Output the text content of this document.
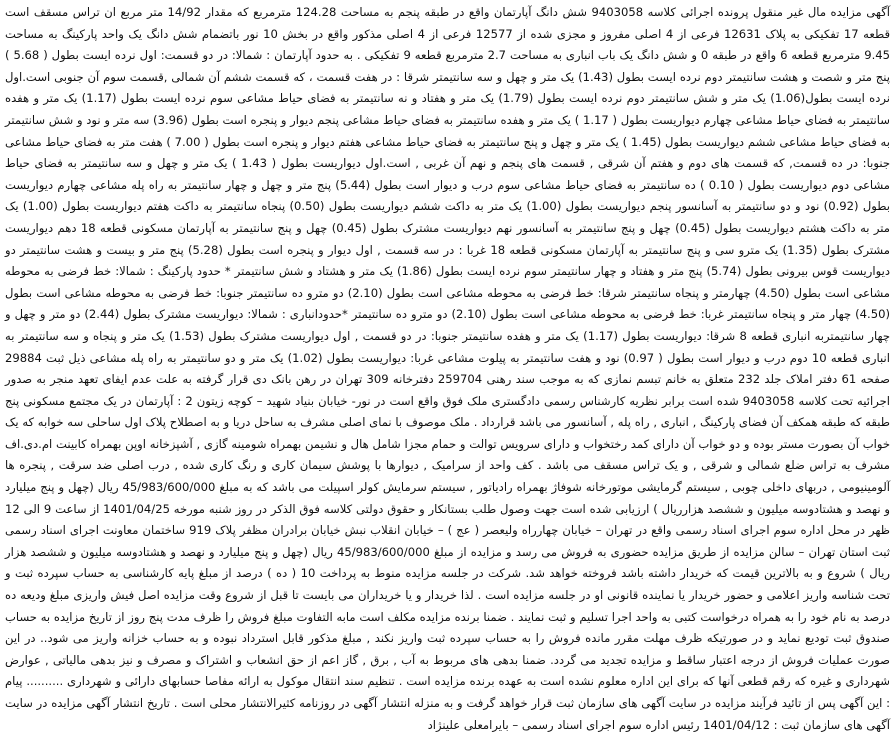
آگهی مزایده مال غیر منقول پرونده اجرائی کلاسه 9403058 شش دانگ آپارتمان واقع در طبقه پنجم به مساحت 124.28 مترمربع که مقدار 14/92 متر مربع ان تراس مسقف است قطعه 17 تفکیکی به پلاک 12631 فرعی از 4 اصلی مفروز و مجزی شده از 12577 فرعی از 4 اصلی مذکور واقع در بخش 10 نور باتضمام شش دانگ یک واحد پارکینگ به مساحت 9.45 مترمربع قطعه 6 واقع در طبقه 0 و شش دانگ یک باب انباری به مساحت 2.7 مترمربع قطعه 9 تفکیکی . به حدود آپارتمان : شمالا: در دو قسمت: اول نرده ایست بطول ( 5.68 ) پنج متر و شصت و هشت سانتیمتر دوم نرده ایست بطول (1.43) یک متر و چهل و سه سانتیمتر شرقا : در هفت قسمت ، که قسمت ششم آن شمالی ,قسمت سوم آن جنوبی است.اول نرده ایست بطول(1.06) یک متر و شش سانتیمتر دوم نرده ایست بطول (1.79) یک متر و هفتاد و نه سانتیمتر به فضای حیاط مشاعی سوم نرده ایست بطول (1.17) یک متر و هفده سانتیمتر به فضای حیاط مشاعی چهارم دیواریست بطول ( 1.17 ) یک متر و هفده سانتیمتر به فضای حیاط مشاعی پنجم دیوار و پنجره است بطول (3.96) سه متر و نود و شش سانتیمتر به فضای حیاط مشاعی ششم دیواریست بطول (1.45 ) یک متر و چهل و پنج سانتیمتر به فضای حیاط مشاعی هفتم دیوار و پنجره است بطول ( 7.00 ) هفت متر به فضای حیاط مشاعی جنوبا: در ده قسمت, که قسمت های دوم و هفتم آن شرقی , قسمت های پنجم و نهم آن غربی , است.اول دیواریست بطول ( 1.43 ) یک متر و چهل و سه سانتیمتر به فضای حیاط مشاعی دوم دیواریست بطول ( 0.10 ) ده سانتیمتر به فضای حیاط مشاعی سوم درب و دیوار است بطول (5.44) پنج متر و چهل و چهار سانتیمتر به راه پله مشاعی چهارم دیواریست بطول (0.92) نود و دو سانتیمتر به آسانسور پنجم دیواریست بطول (1.00) یک متر به داکت ششم دیواریست بطول (0.50) پنجاه سانتیمتر به داکت هفتم دیواریست بطول (1.00) یک متر به داکت هشتم دیواریست بطول (0.45) چهل و پنج سانتیمتر به آسانسور نهم دیواریست مشترک بطول (0.45) چهل و پنج سانتیمتر به آپارتمان مسکونی قطعه 18 دهم دیواریست مشترک بطول (1.35) یک مترو سی و پنج سانتیمتر به آپارتمان مسکونی قطعه 18 غربا : در سه قسمت , اول دیوار و پنجره است بطول (5.28) پنج متر و بیست و هشت سانتیمتر دو دیواریست قوس بیرونی بطول (5.74) پنج متر و هفتاد و چهار سانتیمتر سوم نرده ایست بطول (1.86) یک متر و هشتاد و شش سانتیمتر * حدود پارکینگ : شمالا: خط فرضی به محوطه مشاعی است بطول (4.50) چهارمتر و پنجاه سانتیمتر شرقا: خط فرضی به محوطه مشاعی است بطول (2.10) دو مترو ده سانتیمتر جنوبا: خط فرضی به محوطه مشاعی است بطول (4.50) چهار متر و پنجاه سانتیمتر غربا: خط فرضی به محوطه مشاعی است بطول (2.10) دو مترو ده سانتیمتر *حدودانباری : شمالا: دیواریست مشترک بطول (2.44) دو متر و چهل و چهار سانتیمتربه انباری قطعه 8 شرقا: دیواریست بطول (1.17) یک متر و هفده سانتیمتر جنوبا: در دو قسمت , اول دیواریست مشترک بطول (1.53) یک متر و پنجاه و سه سانتیمتر به انباری قطعه 10 دوم درب و دیوار است بطول ( 0.97) نود و هفت سانتیمتر به پیلوت مشاعی غربا: دیواریست بطول (1.02) یک متر و دو سانتیمتر به راه پله مشاعی ذیل ثبت 29884 صفحه 61 دفتر املاک جلد 232 متعلق به خانم تبسم نمازی که به موجب سند رهنی 259704 دفترخانه 309 تهران در رهن بانک دی قرار گرفته به علت عدم ایفای تعهد منجر به صدور اجرائیه تحت کلاسه 9403058 شده است برابر نظریه کارشناس رسمی دادگستری ملک فوق واقع است در نور- خیابان بنیاد شهید – کوچه زیتون 2 : آپارتمان در یک مجتمع مسکونی پنج طبقه که طبقه همکف آن فضای پارکینگ , انباری , راه پله , آسانسور می باشد قرارداد . ملک موصوف با نمای اصلی مشرف به ساحل دریا و به اصطلاح پلاک اول ساحلی سه خوابه که یک خواب آن بصورت مستر بوده و دو خواب آن دارای کمد رختخواب و دارای سرویس توالت و حمام مجزا شامل هال و نشیمن بهمراه شومینه گازی , آشپزخانه اوپن بهمراه کابینت ام.دی.اف مشرف به تراس ضلع شمالی و شرقی , و یک تراس مسقف می باشد . کف واحد از سرامیک , دیوارها با پوشش سیمان کاری و رنگ کاری شده , درب اصلی ضد سرقت , پنجره ها آلومینیومی , دربهای داخلی چوبی , سیستم گرمایشی موتورخانه شوفاژ بهمراه رادیاتور , سیستم سرمایش کولر اسپیلت می باشد که به مبلغ 45/983/600/000 ریال (چهل و پنج میلیارد و نهصد و هشتادوسه میلیون و ششصد هزارریال ) ارزیابی شده است جهت وصول طلب بستانکار و حقوق دولتی کلاسه فوق الذکر در روز شنبه مورخه 1401/04/25 از ساعت 9 الی 12 ظهر در محل اداره سوم اجرای اسناد رسمی واقع در تهران – خیابان چهارراه ولیعصر ( عج ) – خیابان انقلاب نبش خیابان برادران مظفر پلاک 919 ساختمان معاونت اجرای اسناد رسمی ثبت استان تهران – سالن مزایده از طریق مزایده حضوری به فروش می رسد و مزایده از مبلغ 45/983/600/000 ریال (چهل و پنج میلیارد و نهصد و هشتادوسه میلیون و ششصد هزار ریال ) شروع و به بالاترین قیمت که خریدار داشته باشد فروخته خواهد شد. شرکت در جلسه مزایده منوط به پرداخت 10 ( ده ) درصد از مبلغ پایه کارشناسی به حساب سپرده ثبت و تحت شناسه واریز اعلامی و حضور خریدار یا نماینده قانونی او در جلسه مزایده است . لذا خریدار و یا خریداران می بایست تا قبل از شروع وقت مزایده اصل فیش واریزی مبلغ ودیعه ده درصد به نام خود را به همراه درخواست کتبی به واحد اجرا تسلیم و ثبت نمایند . ضمنا برنده مزایده مکلف است مابه التفاوت مبلغ فروش را ظرف مدت پنج روز از تاریخ مزایده به حساب صندوق ثبت تودیع نماید و در صورتیکه ظرف مهلت مقرر مانده فروش را به حساب سپرده ثبت واریز نکند , مبلغ مذکور قابل استرداد نبوده و به حساب خزانه واریز می شود.. در این صورت عملیات فروش از درجه اعتبار ساقط و مزایده تجدید می گردد. ضمنا بدهی های مربوط به آب , برق , گاز اعم از حق انشعاب و اشتراک و مصرف و نیز بدهی مالیاتی , عوارض شهرداری و غیره که رقم قطعی آنها که برای این اداره معلوم نشده است به عهده برنده مزایده است . تنظیم سند انتقال موکول به ارائه مفاصا حسابهای دارائی و شهرداری .......... پیام : این آگهی پس از تائید فرآیند مزایده در سایت آگهی های سازمان ثبت قرار خواهد گرفت و به منزله انتشار آگهی در روزنامه کثیرالانتشار محلی است . تاریخ انتشار آگهی مزایده در سایت آگهی های سازمان ثبت : 1401/04/12 رئیس اداره سوم اجرای اسناد رسمی – بایرامعلی علینژاد
